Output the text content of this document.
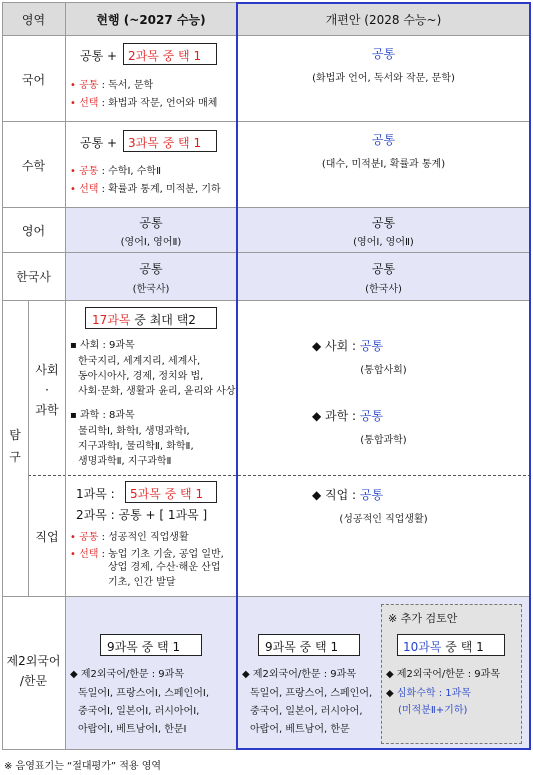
영역	현행 (~2027 수능)	개편안 (2028 수능~)
국어
공통 + 2과목 중 택 1
• 공통 : 독서, 문학
• 선택 : 화법과 작문, 언어와 매체
공통
(화법과 언어, 독서와 작문, 문학)
수학
공통 + 3과목 중 택 1
• 공통 : 수학Ⅰ, 수학Ⅱ
• 선택 : 확률과 통계, 미적분, 기하
공통
(대수, 미적분Ⅰ, 확률과 통계)
영어
공통
(영어Ⅰ, 영어Ⅱ)
공통
(영어Ⅰ, 영어Ⅱ)
한국사
공통
(한국사)
공통
(한국사)
탐구
사회
·
과학
17과목 중 최대 택2
▪ 사회 : 9과목
한국지리, 세계지리, 세계사,
동아시아사, 경제, 정치와 법,
사회·문화, 생활과 윤리, 윤리와 사상
▪ 과학 : 8과목
물리학Ⅰ, 화학Ⅰ, 생명과학Ⅰ,
지구과학Ⅰ, 물리학Ⅱ, 화학Ⅱ,
생명과학Ⅱ, 지구과학Ⅱ
◆ 사회 : 공통
(통합사회)
◆ 과학 : 공통
(통합과학)
직업
1과목 : 5과목 중 택 1
2과목 : 공통 + [ 1과목 ]
• 공통 : 성공적인 직업생활
• 선택 : 농업 기초 기술, 공업 일반,
상업 경제, 수산·해운 산업
기초, 인간 발달
◆ 직업 : 공통
(성공적인 직업생활)
제2외국어
/한문
9과목 중 택 1
◆ 제2외국어/한문 : 9과목
독일어Ⅰ, 프랑스어Ⅰ, 스페인어Ⅰ,
중국어Ⅰ, 일본어Ⅰ, 러시아어Ⅰ,
아랍어Ⅰ, 베트남어Ⅰ, 한문Ⅰ
9과목 중 택 1
◆ 제2외국어/한문 : 9과목
독일어, 프랑스어, 스페인어,
중국어, 일본어, 러시아어,
아랍어, 베트남어, 한문
※ 추가 검토안
10과목 중 택 1
◆ 제2외국어/한문 : 9과목
◆ 심화수학 : 1과목
(미적분Ⅱ+기하)
※ 음영표기는 “절대평가” 적용 영역
